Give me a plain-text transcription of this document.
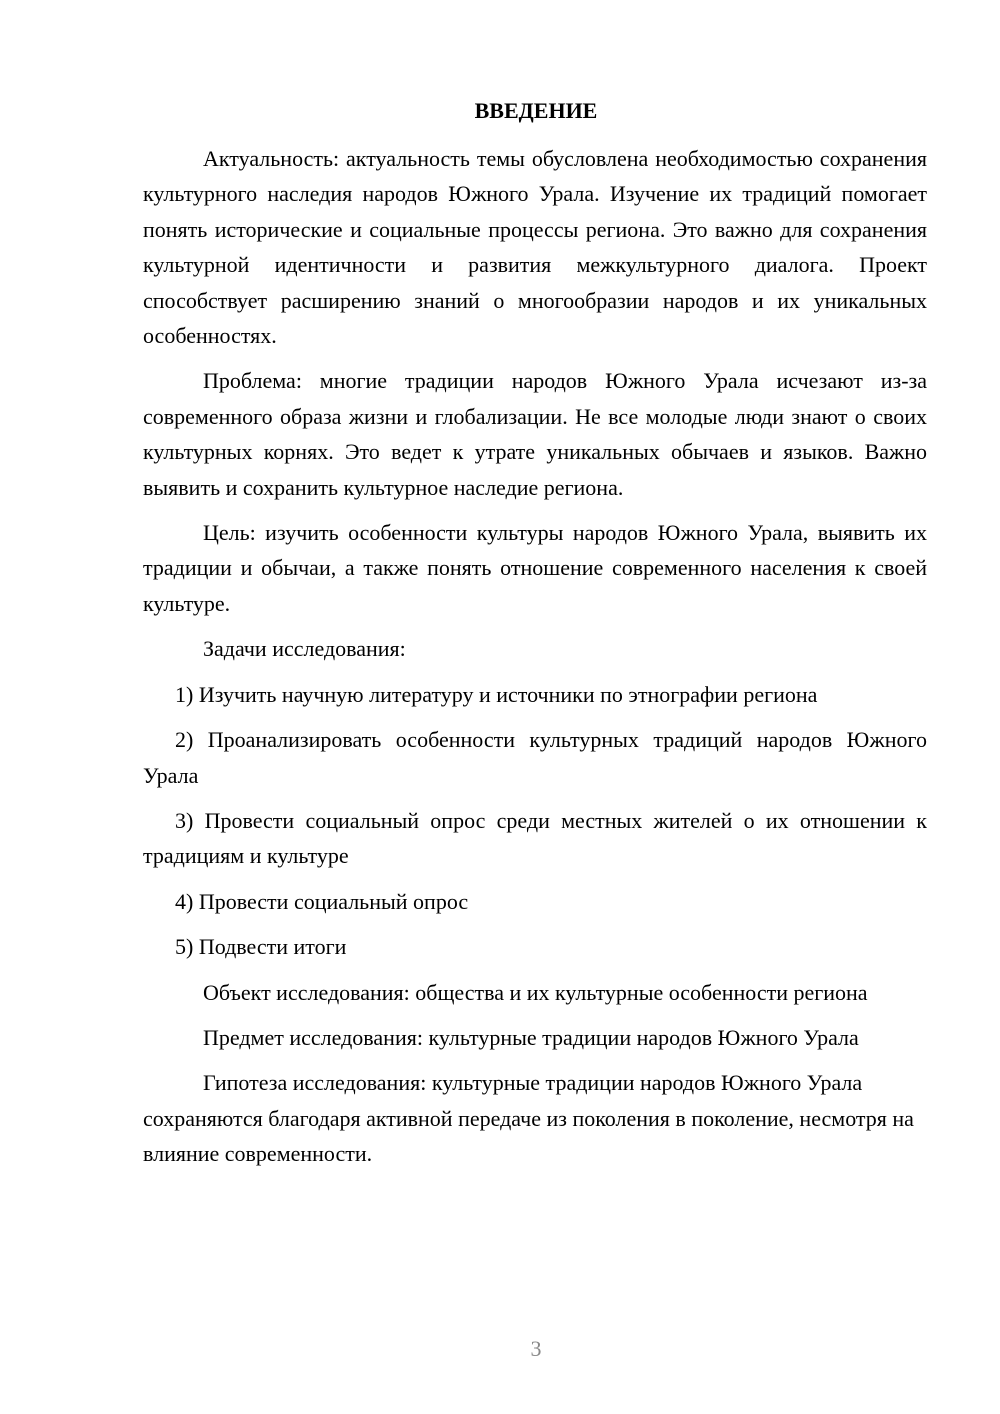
ВВЕДЕНИЕ

Актуальность: актуальность темы обусловлена необходимостью сохранения культурного наследия народов Южного Урала. Изучение их традиций помогает понять исторические и социальные процессы региона. Это важно для сохранения культурной идентичности и развития межкультурного диалога. Проект способствует расширению знаний о многообразии народов и их уникальных особенностях.

Проблема: многие традиции народов Южного Урала исчезают из-за современного образа жизни и глобализации. Не все молодые люди знают о своих культурных корнях. Это ведет к утрате уникальных обычаев и языков. Важно выявить и сохранить культурное наследие региона.

Цель: изучить особенности культуры народов Южного Урала, выявить их традиции и обычаи, а также понять отношение современного населения к своей культуре.

Задачи исследования:

1) Изучить научную литературу и источники по этнографии региона

2) Проанализировать особенности культурных традиций народов Южного Урала

3) Провести социальный опрос среди местных жителей о их отношении к традициям и культуре

4) Провести социальный опрос

5) Подвести итоги

Объект исследования: общества и их культурные особенности региона

Предмет исследования: культурные традиции народов Южного Урала

Гипотеза исследования: культурные традиции народов Южного Урала сохраняются благодаря активной передаче из поколения в поколение, несмотря на влияние современности.

3
